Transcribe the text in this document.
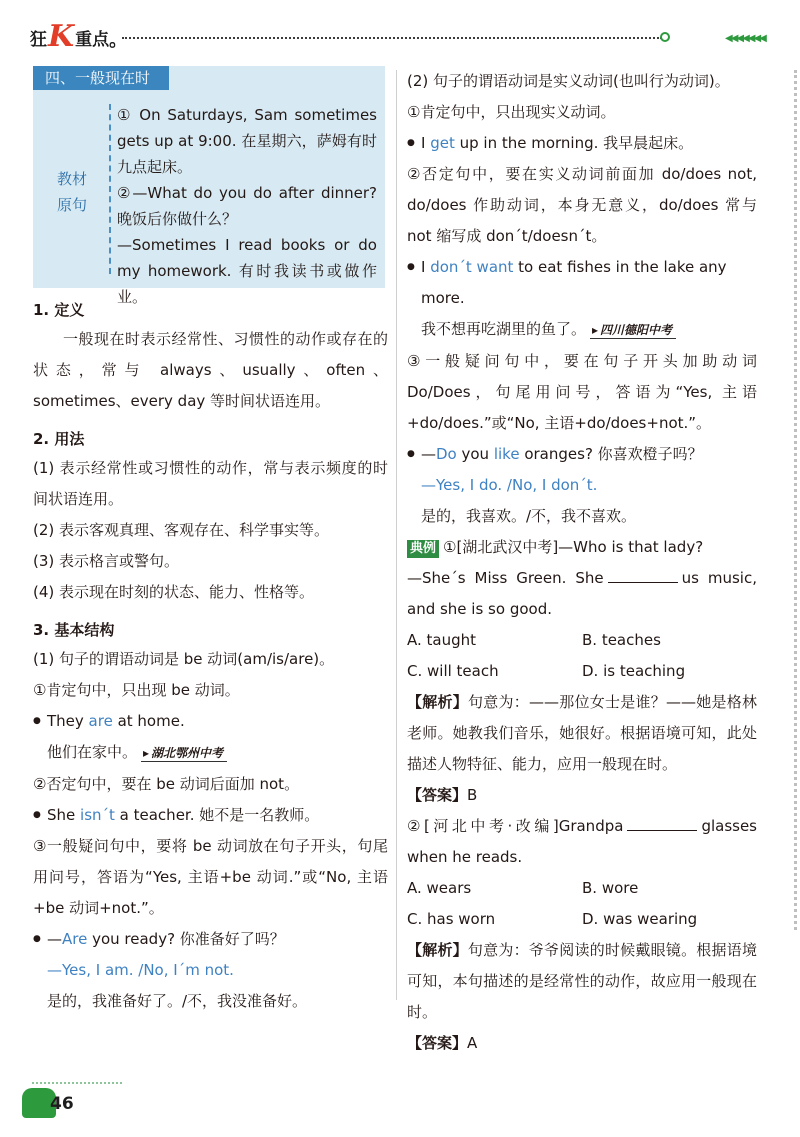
狂 K 重点 。	◀◀◀◀◀◀◀
四、一般现在时
教材
原句
① On Saturdays, Sam sometimes gets up at 9:00. 在星期六，萨姆有时九点起床。
②—What do you do after dinner? 晚饭后你做什么？
—Sometimes I read books or do my homework. 有时我读书或做作业。
1. 定义
一般现在时表示经常性、习惯性的动作或存在的状态，常与 always、usually、often、sometimes、every day 等时间状语连用。
2. 用法
(1) 表示经常性或习惯性的动作，常与表示频度的时间状语连用。
(2) 表示客观真理、客观存在、科学事实等。
(3) 表示格言或警句。
(4) 表示现在时刻的状态、能力、性格等。
3. 基本结构
(1) 句子的谓语动词是 be 动词(am/is/are)。
①肯定句中，只出现 be 动词。
● They are at home.
他们在家中。 ▸ 湖北鄂州中考
②否定句中，要在 be 动词后面加 not。
● She isn´t a teacher. 她不是一名教师。
③一般疑问句中，要将 be 动词放在句子开头，句尾用问号，答语为“Yes, 主语+be 动词.”或“No, 主语+be 动词+not.”。
● —Are you ready? 你准备好了吗？
—Yes, I am. /No, I´m not.
是的，我准备好了。/不，我没准备好。
(2) 句子的谓语动词是实义动词(也叫行为动词)。
①肯定句中，只出现实义动词。
● I get up in the morning. 我早晨起床。
②否定句中，要在实义动词前面加 do/does not, do/does 作助动词，本身无意义，do/does 常与 not 缩写成 don´t/doesn´t。
● I don´t want to eat fishes in the lake any more.
我不想再吃湖里的鱼了。 ▸ 四川德阳中考
③一般疑问句中，要在句子开头加助动词 Do/Does，句尾用问号，答语为“Yes, 主语+do/does.”或“No, 主语+do/does+not.”。
● —Do you like oranges? 你喜欢橙子吗？
—Yes, I do. /No, I don´t.
是的，我喜欢。/不，我不喜欢。
典例 ①[湖北武汉中考]—Who is that lady?
—She´s Miss Green. She	us music, and she is so good.
A. taught	B. teaches
C. will teach	D. is teaching
【解析】句意为：——那位女士是谁？——她是格林老师。她教我们音乐，她很好。根据语境可知，此处描述人物特征、能力，应用一般现在时。
【答案】B
②[河北中考·改编]Grandpa	glasses when he reads.
A. wears	B. wore
C. has worn	D. was wearing
【解析】句意为：爷爷阅读的时候戴眼镜。根据语境可知，本句描述的是经常性的动作，故应用一般现在时。
【答案】A
46
